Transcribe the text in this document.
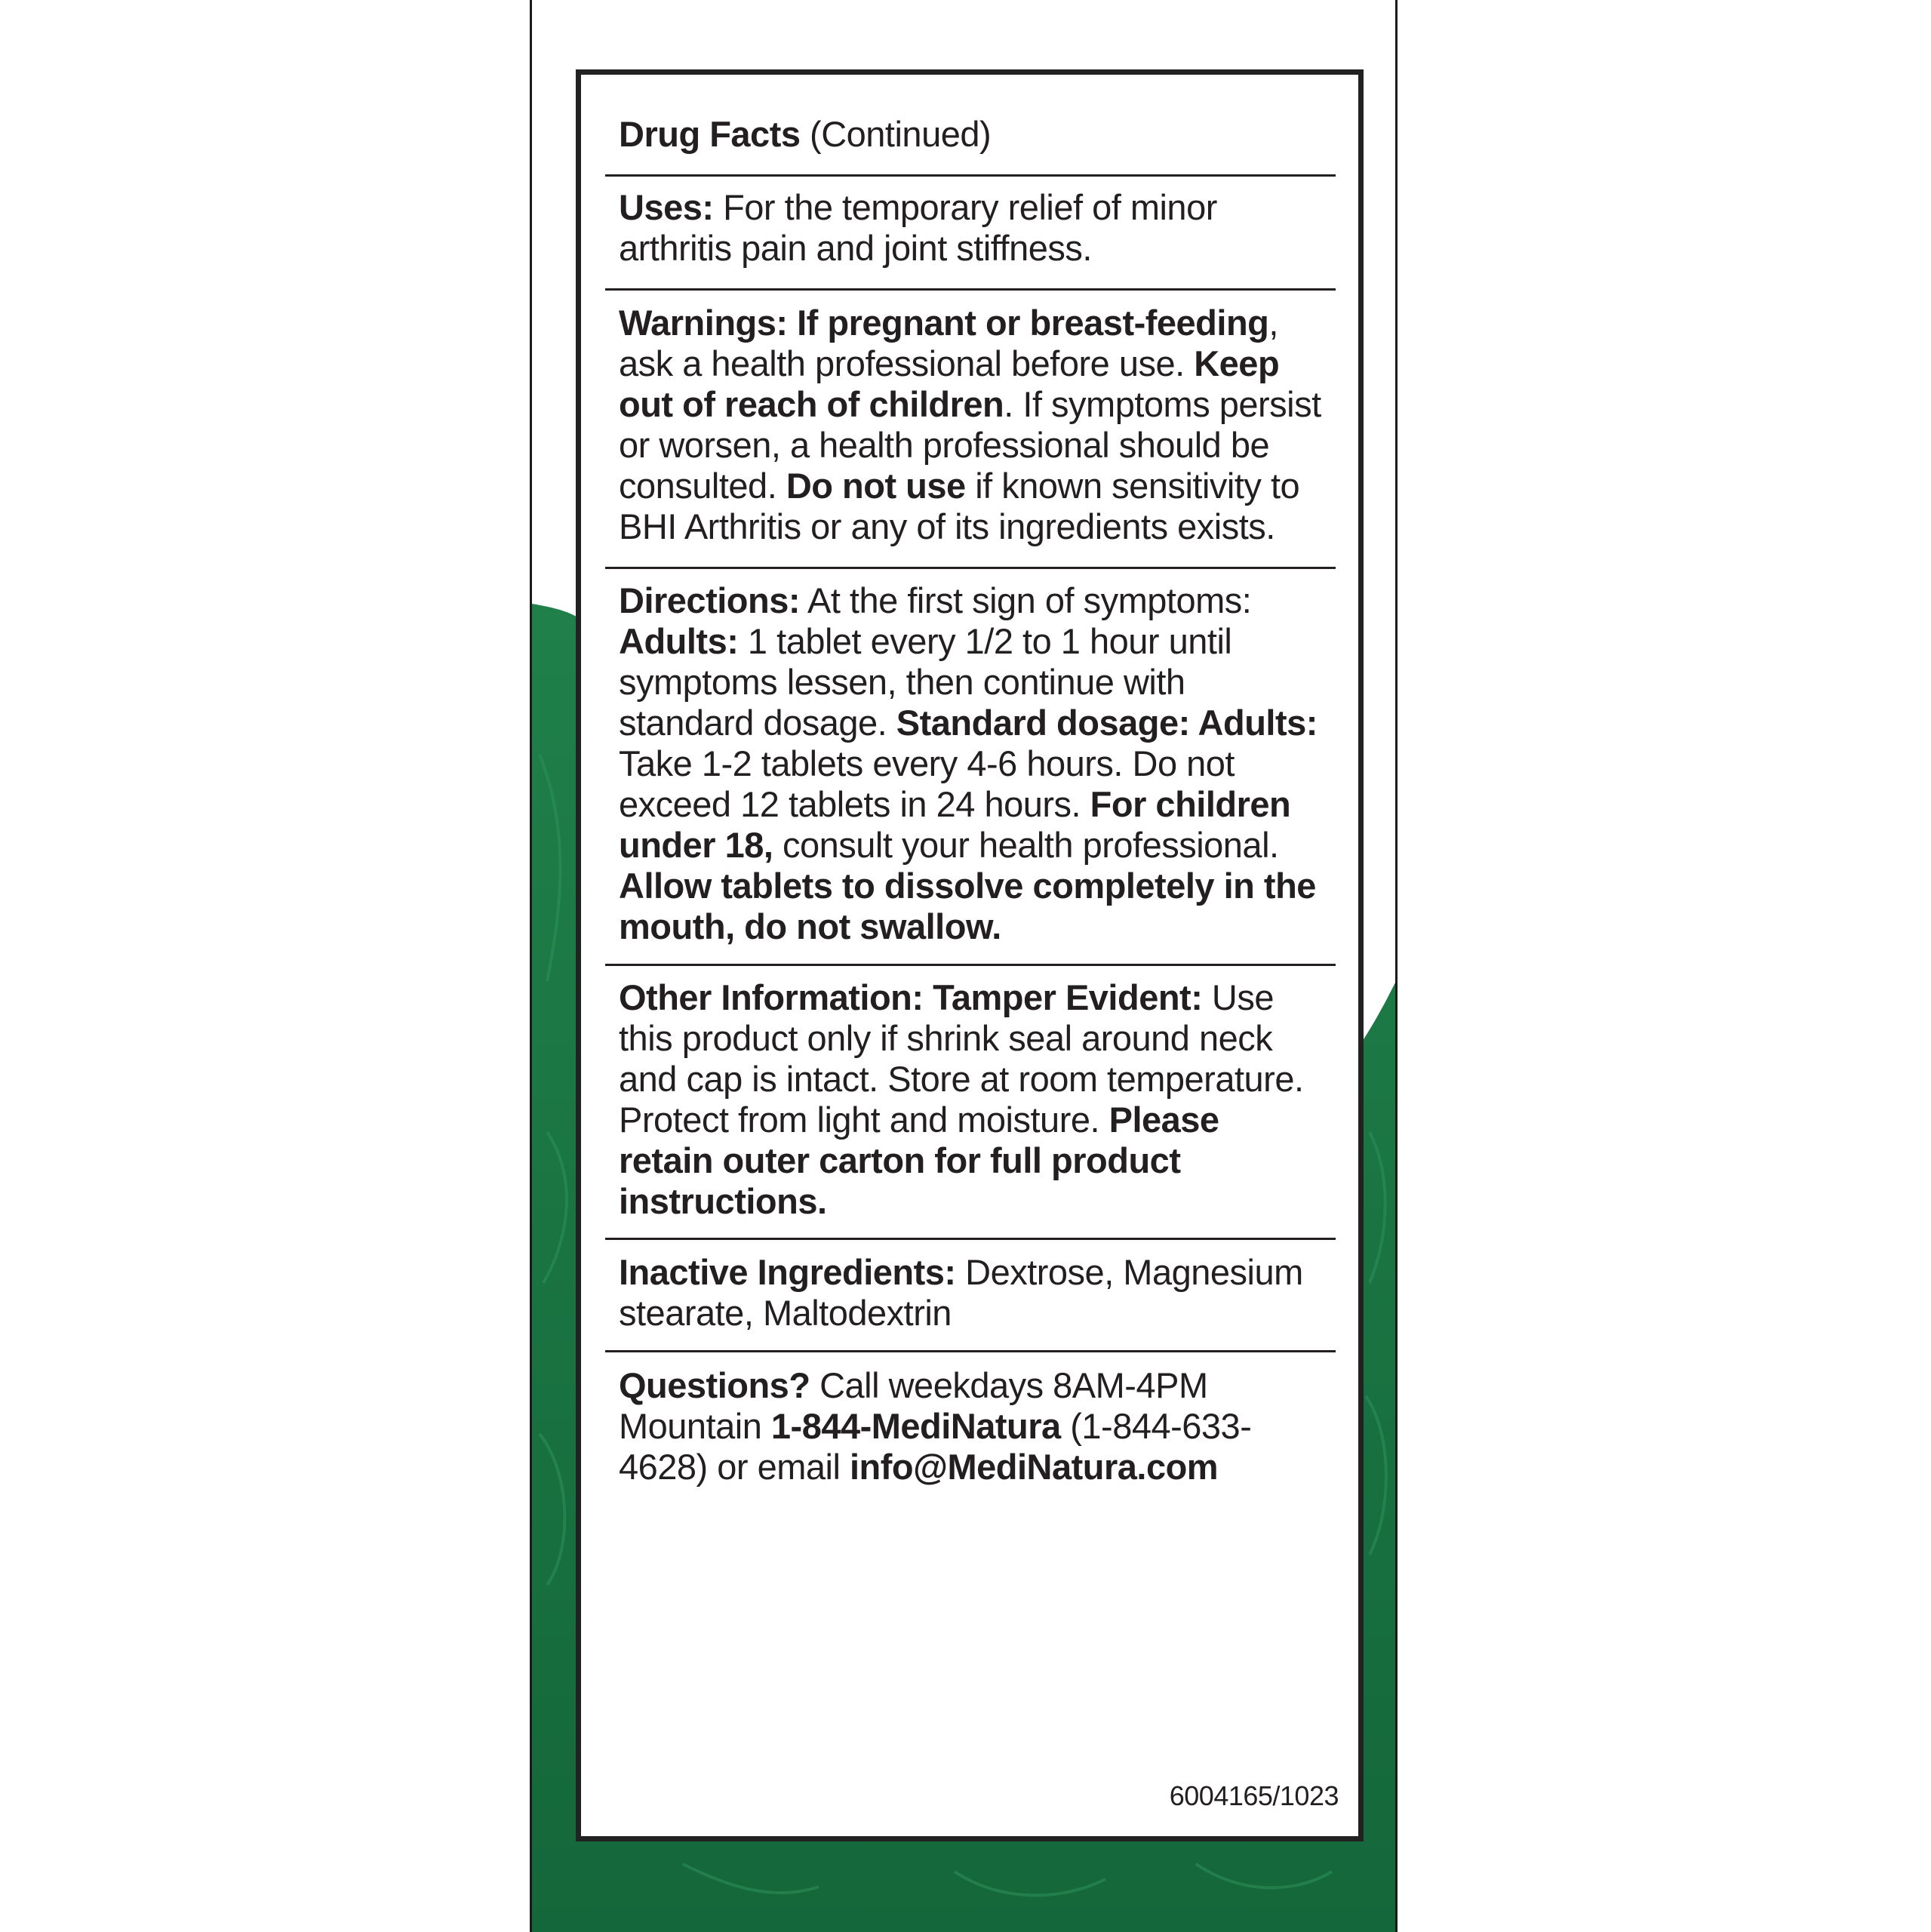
Drug Facts (Continued)
Uses: For the temporary relief of minor arthritis pain and joint stiffness.
Warnings: If pregnant or breast-feeding, ask a health professional before use. Keep out of reach of children. If symptoms persist or worsen, a health professional should be consulted. Do not use if known sensitivity to BHI Arthritis or any of its ingredients exists.
Directions: At the first sign of symptoms: Adults: 1 tablet every 1/2 to 1 hour until symptoms lessen, then continue with standard dosage. Standard dosage: Adults: Take 1-2 tablets every 4-6 hours. Do not exceed 12 tablets in 24 hours. For children under 18, consult your health professional. Allow tablets to dissolve completely in the mouth, do not swallow.
Other Information: Tamper Evident: Use this product only if shrink seal around neck and cap is intact. Store at room temperature. Protect from light and moisture. Please retain outer carton for full product instructions.
Inactive Ingredients: Dextrose, Magnesium stearate, Maltodextrin
Questions? Call weekdays 8AM-4PM Mountain 1-844-MediNatura (1-844-633-4628) or email info@MediNatura.com
6004165/1023
